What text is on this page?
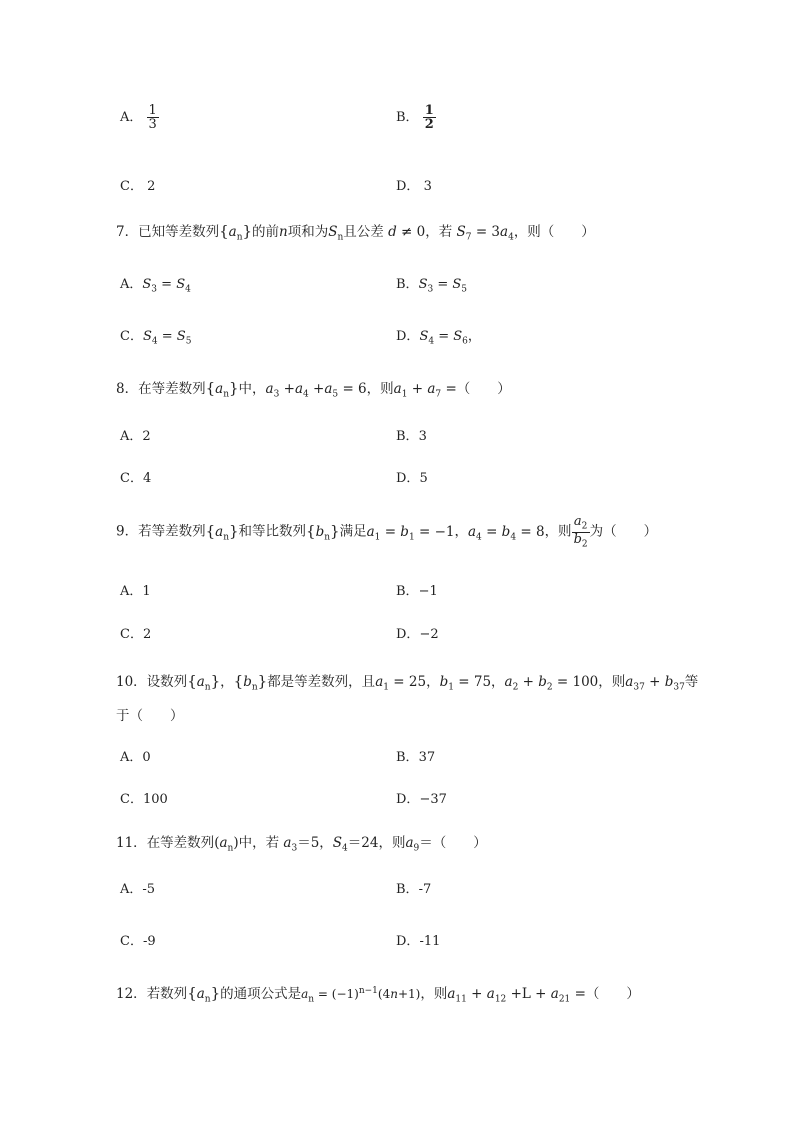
A． $\frac{1}{3}$	B． $\frac{1}{2}$
C． 2	D． 3
7．已知等差数列$\{a_n\}$的前n项和为$S_n$且公差 d ≠ 0，若 $S_7 = 3a_4$，则（　　）
A．$S_3 = S_4$	B．$S_3 = S_5$
C．$S_4 = S_5$	D．$S_4 = S_6$，
8．在等差数列$\{a_n\}$中，$a_3 +a_4 +a_5 = 6$，则$a_1 + a_7$ =（　　）
A．2	B．3
C．4	D．5
9．若等差数列$\{a_n\}$和等比数列$\{b_n\}$满足$a_1 = b_1 = -1$，$a_4 = b_4 = 8$，则 $\frac{a_2}{b_2}$ 为（　　）
A．1	B．−1
C．2	D．−2
10．设数列$\{a_n\}$，$\{b_n\}$都是等差数列，且$a_1 = 25$，$b_1 = 75$，$a_2 + b_2 = 100$，则$a_{37} + b_{37}$等
于（　　）
A．0	B．37
C．100	D．−37
11．在等差数列$(a_n)$中，若 $a_3=5$，$S_4=24$，则$a_9=$（　　）
A．-5	B．-7
C．-9	D．-11
12．若数列$\{a_n\}$的通项公式是$a_n = (-1)^{n-1}(4n+1)$，则$a_{11} + a_{12} +L + a_{21}$ =（　　）
